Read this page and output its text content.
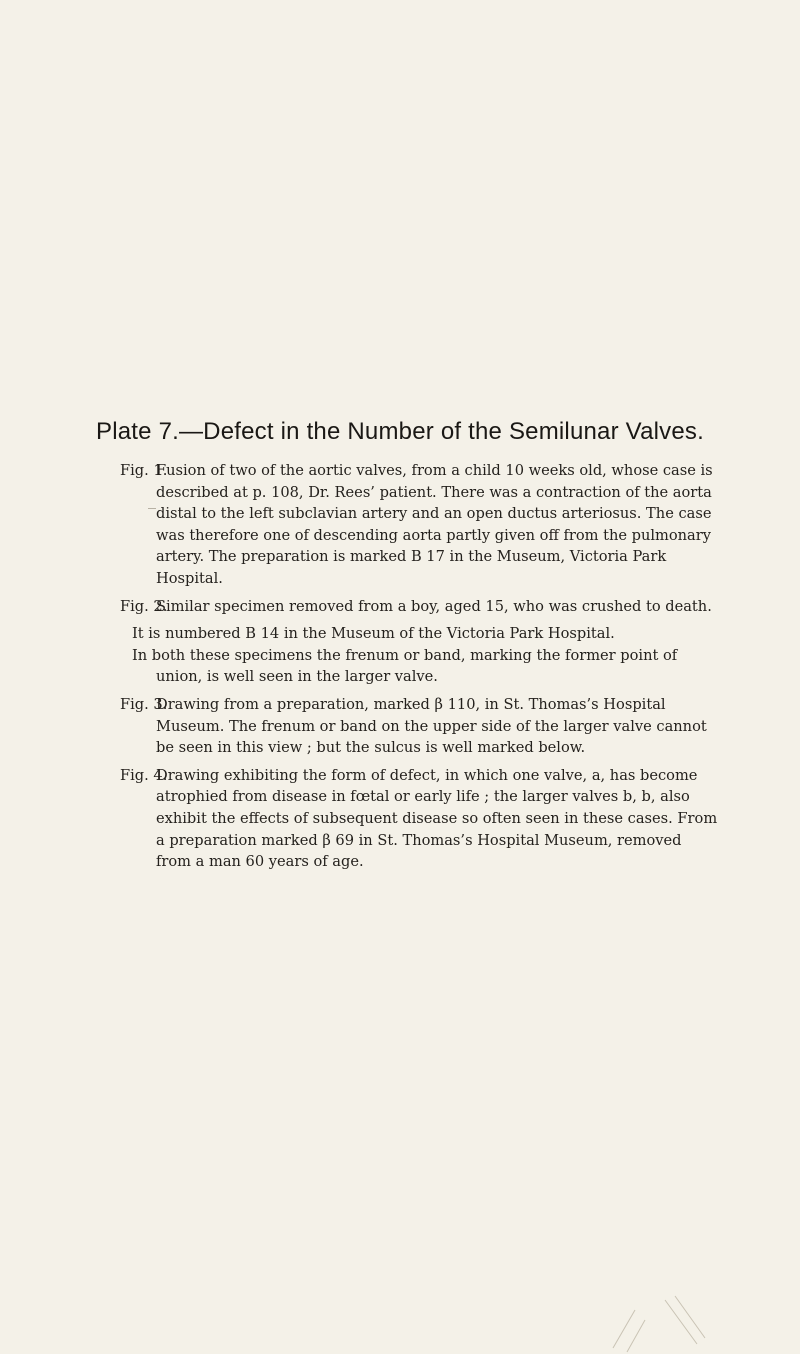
Plate 7.—Defect in the Number of the Semilunar Valves.

Fig. 1.Fusion of two of the aortic valves, from a child 10 weeks old, whose case is described at p. 108, Dr. Rees’ patient. There was a contraction of the aorta distal to the left subclavian artery and an open ductus arteriosus. The case was therefore one of descending aorta partly given off from the pulmonary artery. The preparation is marked B 17 in the Museum, Victoria Park Hospital.

Fig. 2.Similar specimen removed from a boy, aged 15, who was crushed to death.

It is numbered B 14 in the Museum of the Victoria Park Hospital.

In both these specimens the frenum or band, marking the former point of union, is well seen in the larger valve.

Fig. 3.Drawing from a preparation, marked β 110, in St. Thomas’s Hospital Museum. The frenum or band on the upper side of the larger valve cannot be seen in this view ; but the sulcus is well marked below.

Fig. 4.Drawing exhibiting the form of defect, in which one valve, a, has become atrophied from disease in fœtal or early life ; the larger valves b, b, also exhibit the effects of subsequent disease so often seen in these cases. From a preparation marked β 69 in St. Thomas’s Hospital Museum, removed from a man 60 years of age.
